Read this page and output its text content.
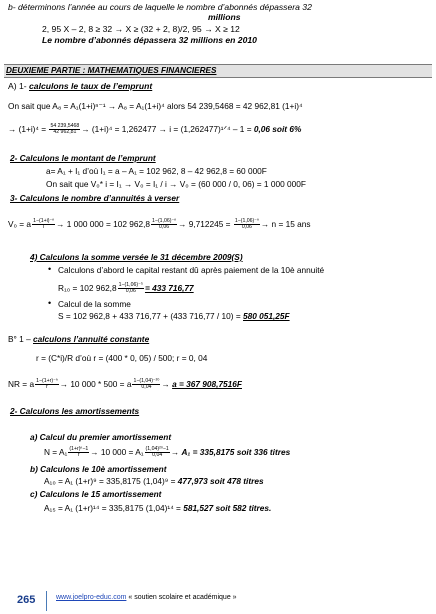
b- déterminons l’année au cours de laquelle le nombre d’abonnés dépassera 32
millions
2, 95 X – 2, 8 ≥ 32 → X ≥ (32 + 2, 8)/2, 95 → X ≥ 12
Le nombre d’abonnés dépassera 32 millions en 2010
DEUXIEME PARTIE : MATHEMATIQUES FINANCIERES
A) 1- calculons le taux de l’emprunt
On sait que A₈ = A₁(1+i)ⁿ⁻¹ → A₈ = A₁(1+i)⁴ alors 54 239,5468 = 42 962,81 (1+i)⁴
→ $(1+i)^4 = \frac{54 239,5468}{42 962,81} \to (1+i)^4 = 1,262477 \to i$ = (1,262477)¹ᐟ⁴ – 1 = 0,06 soit 6%
2- Calculons le montant de l’emprunt
a= A₁ + I₁ d’où I₁ = a – A₁ = 102 962, 8 – 42 962,8 = 60 000F
On sait que V₀* i = I₁ → V₀ = I₁ / i → V₀ = (60 000 / 0, 06) = 1 000 000F
3- Calculons le nombre d’annuités à verser
V₀ = a $\frac{\text{1−(1+i)⁻ⁿ}}{i} \to 1$ 000 000 = 102 $962,8 \frac{\text{1−(1,06)⁻ⁿ}}{0,06} \to 9,712245 = \frac{\text{1−(1,06)⁻ⁿ}}{0,06} \to n = 15$ ans
4) Calculons la somme versée le 31 décembre 2009(S)
• Calculons d’abord le capital restant dû après paiement de la 10è annuité
R₁₀ = 102 $962,8 \frac{\text{1−(1,06)⁻⁵}}{0,06} = 433$ 716,77
• Calcul de la somme
S = 102 962,8 + 433 716,77 + (433 716,77 / 10) = 580 051,25F
B° 1 – calculons l’annuité constante
r = (C*i)/R d’où r = (400 * 0, 05) / 500; r = 0, 04
NR = a $\frac{\text{1−(1+r)⁻ⁿ}}{r} \to 10$ 000 * 500 = a $\frac{\text{1−(1,04)⁻²⁰}}{0,04} \to a = 367$ 908,7516F
2- Calculons les amortissements
a) Calcul du premier amortissement
$N = A_1 \frac{\text{(1+r)ⁿ−1}}{r} \to 10$ $000 = A_1 \frac{\text{(1,04)²⁰−1}}{0,04} \to A_1 = 335,8175$ soit 336 titres
b) Calculons le 10è amortissement
A₁₀ = A₁ (1+r)⁹ = 335,8175 (1,04)⁹ = 477,973 soit 478 titres
c) Calculons le 15 amortissement
A₁₅ = A₁ (1+r)¹⁴ = 335,8175 (1,04)¹⁴ = 581,527 soit 582 titres.
265	www.joelpro-educ.com « soutien scolaire et académique »
